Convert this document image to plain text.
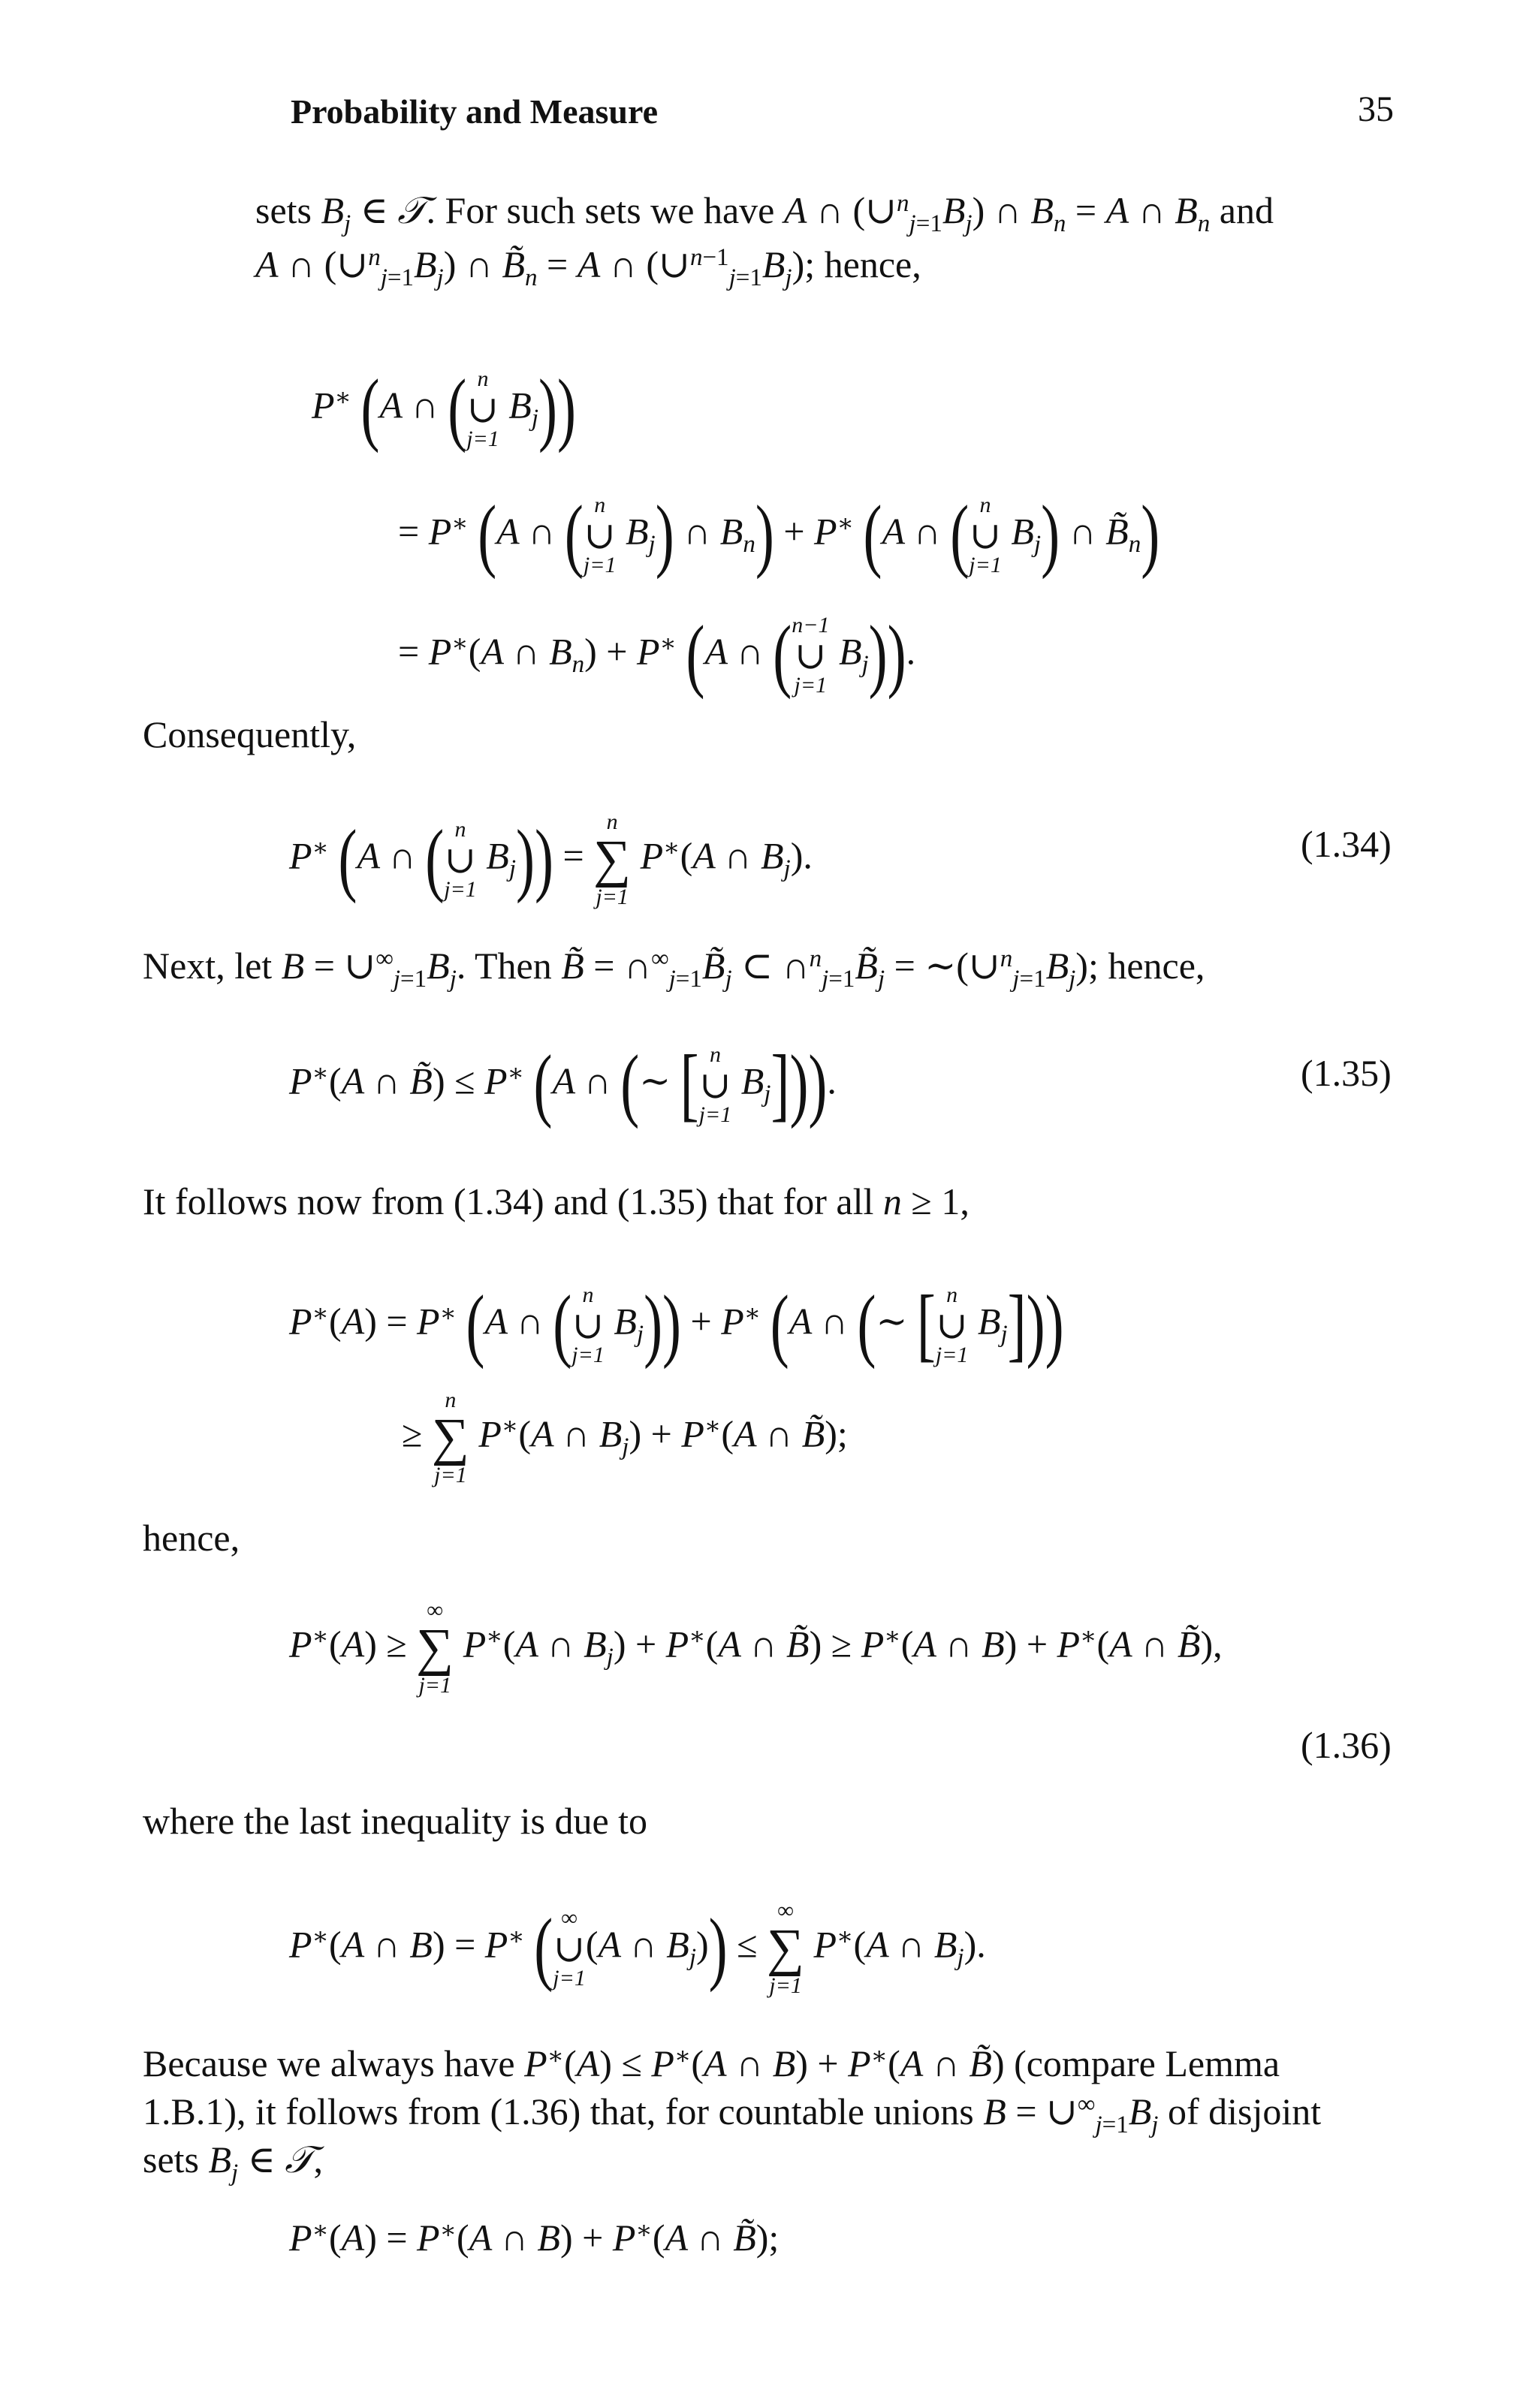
Probability and Measure	35
sets $B_j$ ∈ 𝒯. For such sets we have A ∩ $(\cup^n_{j=1}B_j)$ ∩ $B_n = A$ ∩ $B_n$ and
A ∩ $(\cup^n_{j=1}B_j)$ ∩ $B̃_n = A$ ∩ $(\cup^{n-1}_{j=1}B_j)$; hence,
P∗ (A ∩ ( n
∪
j=1
$B_j$))
= P∗ (A ∩ ( n
∪
j=1
$B_j$) ∩ $B_n) + P^∗$ (A ∩ ( n
∪
j=1
$B_j$) ∩ $B̃_n$)
= P∗(A ∩ $B_n) + P^∗$ (A ∩ ( n−1
∪
j=1
$B_j$)).
Consequently,
P∗ (A ∩ ( n
∪
j=1
$B_j$)) =
n
∑
j=1
P∗(A ∩ $B_j$).	(1.34)
Next, let $B = \cup^\infty_{j=1}B_j$. Then B̃ = $\cap^\infty_{j=1}B̃_j$ ⊂ $\cap^n_{j=1}B̃_j$ = $\sim(\cup^n_{j=1}B_j)$; hence,
P∗(A ∩ B̃) ≤ P∗ (A ∩ (∼ [ n
∪
j=1
$B_j$])).	(1.35)
It follows now from (1.34) and (1.35) that for all n ≥ 1,
P∗(A) = P∗ (A ∩ ( n
∪
j=1
$B_j)) + P^∗$ (A ∩ (∼ [ n
∪
j=1
$B_j$]))
≥
n
∑
j=1
P∗(A ∩ $B_j) + P^∗(A$ ∩ B̃);
hence,
P∗(A) ≥
∞
∑
j=1
P∗(A ∩ $B_j) + P^∗(A$ ∩ B̃) ≥ P∗(A ∩ B) + P∗(A ∩ B̃),
(1.36)
where the last inequality is due to
P∗(A ∩ B) = P∗ ( ∞
∪
j=1
(A ∩ $B_j$)) ≤
∞
∑
j=1
P∗(A ∩ $B_j$).
Because we always have P∗(A) ≤ P∗(A ∩ B) + P∗(A ∩ B̃) (compare Lemma
1.B.1), it follows from (1.36) that, for countable unions $B = \cup^\infty_{j=1}B_j$ of disjoint
sets $B_j$ ∈ 𝒯,
P∗(A) = P∗(A ∩ B) + P∗(A ∩ B̃);
